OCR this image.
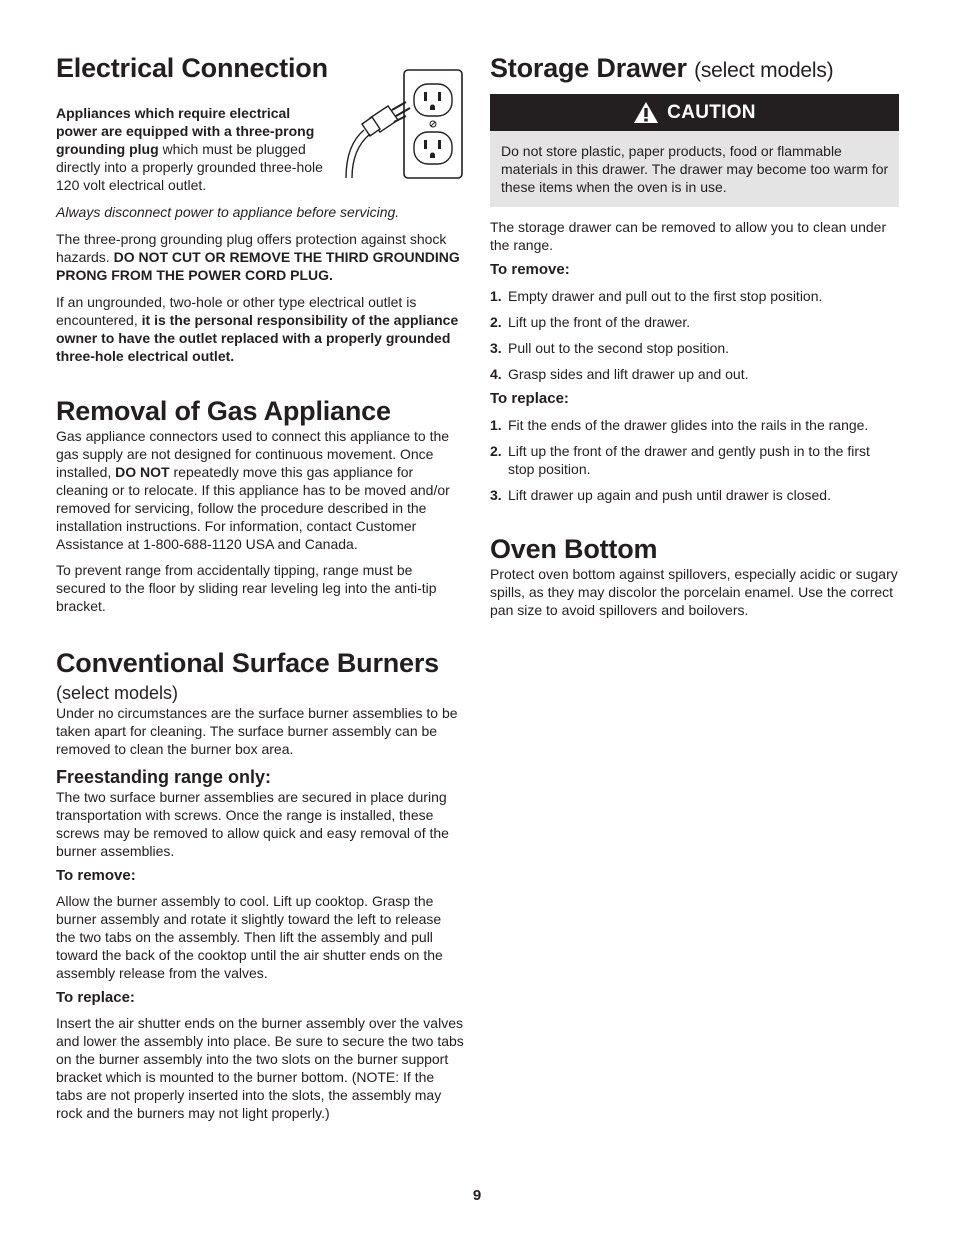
Electrical Connection

Appliances which require electrical power are equipped with a three-prong grounding plug which must be plugged directly into a properly grounded three-hole 120 volt electrical outlet.

Always disconnect power to appliance before servicing.

The three-prong grounding plug offers protection against shock hazards. DO NOT CUT OR REMOVE THE THIRD GROUNDING PRONG FROM THE POWER CORD PLUG.

If an ungrounded, two-hole or other type electrical outlet is encountered, it is the personal responsibility of the appliance owner to have the outlet replaced with a properly grounded three-hole electrical outlet.

Removal of Gas Appliance

Gas appliance connectors used to connect this appliance to the gas supply are not designed for continuous movement. Once installed, DO NOT repeatedly move this gas appliance for cleaning or to relocate. If this appliance has to be moved and/or removed for servicing, follow the procedure described in the installation instructions. For information, contact Customer Assistance at 1-800-688-1120 USA and Canada.

To prevent range from accidentally tipping, range must be secured to the floor by sliding rear leveling leg into the anti-tip bracket.

Conventional Surface Burners
(select models)

Under no circumstances are the surface burner assemblies to be taken apart for cleaning. The surface burner assembly can be removed to clean the burner box area.

Freestanding range only:

The two surface burner assemblies are secured in place during transportation with screws. Once the range is installed, these screws may be removed to allow quick and easy removal of the burner assemblies.

To remove:

Allow the burner assembly to cool. Lift up cooktop. Grasp the burner assembly and rotate it slightly toward the left to release the two tabs on the assembly. Then lift the assembly and pull toward the back of the cooktop until the air shutter ends on the assembly release from the valves.

To replace:

Insert the air shutter ends on the burner assembly over the valves and lower the assembly into place. Be sure to secure the two tabs on the burner assembly into the two slots on the burner support bracket which is mounted to the burner bottom. (NOTE: If the tabs are not properly inserted into the slots, the assembly may rock and the burners may not light properly.)

Storage Drawer (select models)
CAUTION

Do not store plastic, paper products, food or flammable materials in this drawer. The drawer may become too warm for these items when the oven is in use.

The storage drawer can be removed to allow you to clean under the range.

To remove:
1. Empty drawer and pull out to the first stop position.
2. Lift up the front of the drawer.
3. Pull out to the second stop position.
4. Grasp sides and lift drawer up and out.
To replace:
1. Fit the ends of the drawer glides into the rails in the range.
2. Lift up the front of the drawer and gently push in to the first stop position.
3. Lift drawer up again and push until drawer is closed.
Oven Bottom

Protect oven bottom against spillovers, especially acidic or sugary spills, as they may discolor the porcelain enamel. Use the correct pan size to avoid spillovers and boilovers.

9
